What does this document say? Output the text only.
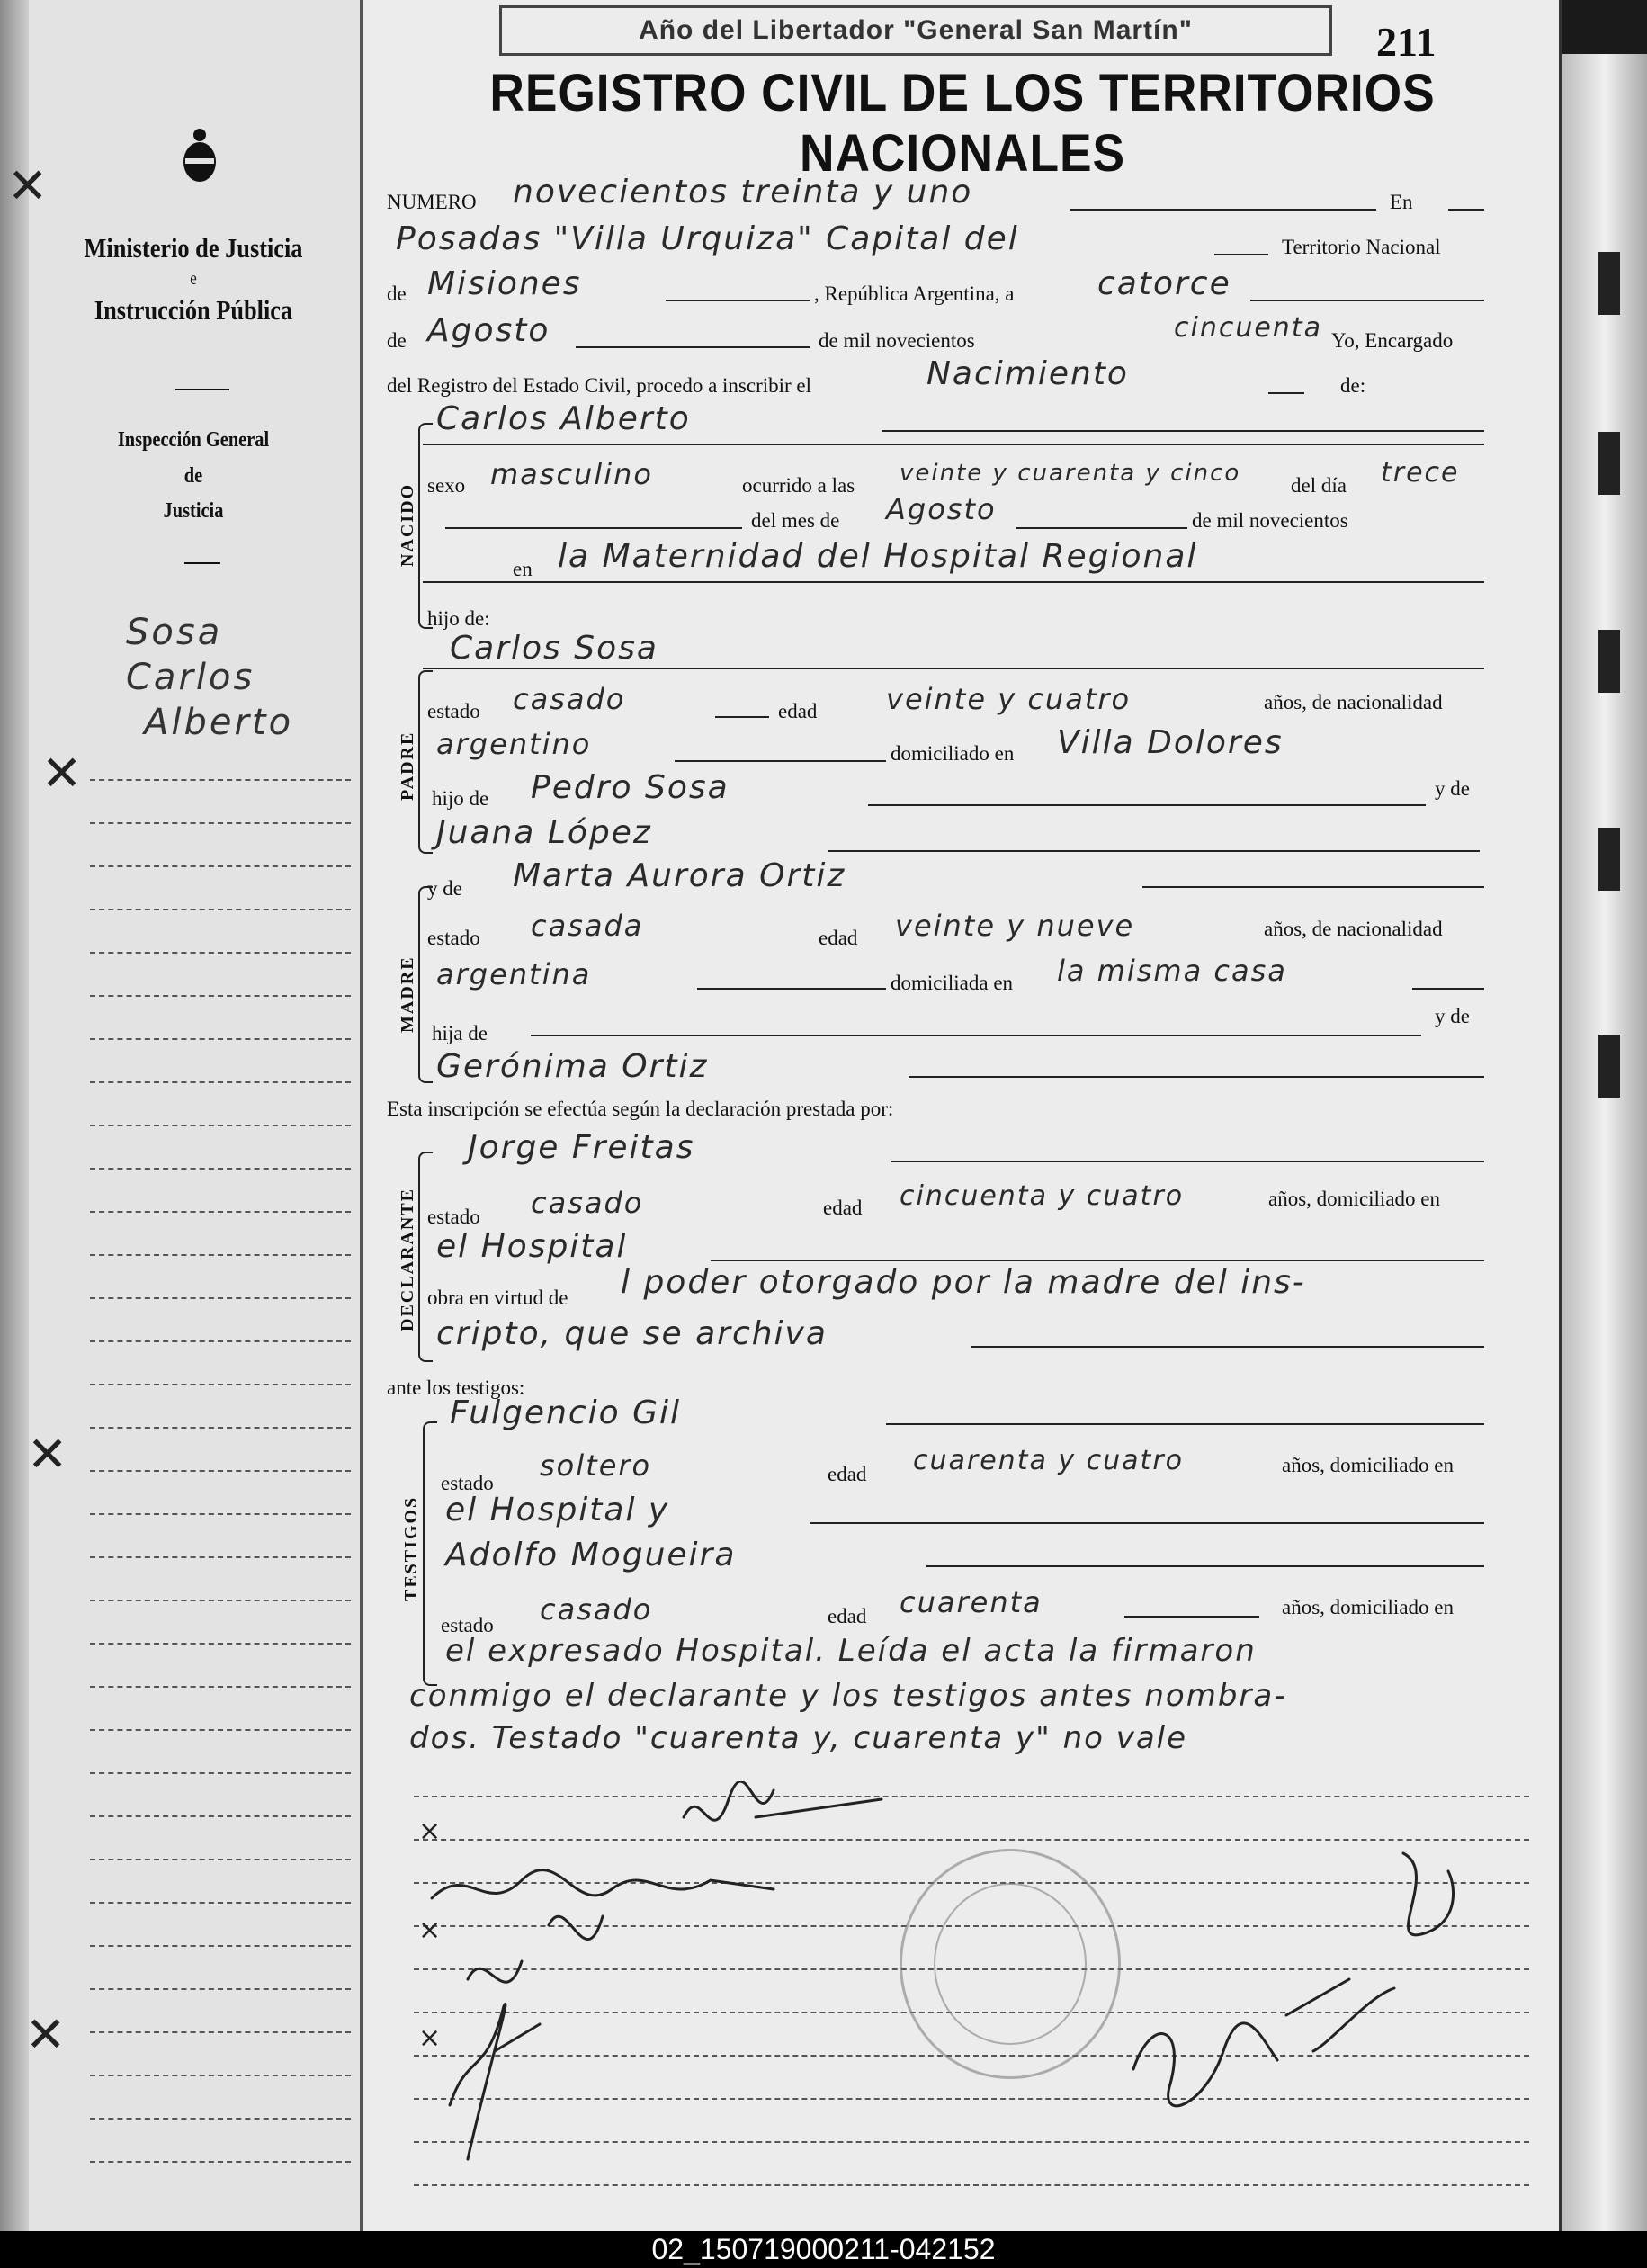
Ministerio de Justicia
e
Instrucción Pública
Inspección General
de
Justicia
Sosa
Carlos
Alberto
✕
✕
✕
✕
Año del Libertador "General San Martín"	211
REGISTRO CIVIL DE LOS TERRITORIOS NACIONALES
NUMERO novecientos treinta y uno	En
Posadas "Villa Urquiza" Capital del	Territorio Nacional
de Misiones	, República Argentina, a	catorce
de Agosto	de mil novecientos	cincuenta Yo, Encargado
del Registro del Estado Civil, procedo a inscribir el	Nacimiento	de:
NACIDO
Carlos Alberto
sexo masculino	ocurrido a las veinte y cuarenta y cinco del día trece
del mes de Agosto	de mil novecientos
en la Maternidad del Hospital Regional
hijo de:
PADRE
Carlos Sosa
estado casado	edad veinte y cuatro	años, de nacionalidad
argentino	domiciliado en Villa Dolores
hijo de Pedro Sosa	y de
Juana López
y de Marta Aurora Ortiz
MADRE
estado casada	edad veinte y nueve	años, de nacionalidad
argentina	domiciliada en la misma casa
hija de
y de
Gerónima Ortiz
Esta inscripción se efectúa según la declaración prestada por:
DECLARANTE
Jorge Freitas
estado casado	edad cincuenta y cuatro	años, domiciliado en
el Hospital
obra en virtud de l poder otorgado por la madre del ins-
cripto, que se archiva
ante los testigos:
TESTIGOS
Fulgencio Gil
estado
soltero	edad cuarenta y cuatro	años, domiciliado en
el Hospital y
Adolfo Mogueira
estado casado	edad cuarenta	años, domiciliado en
el expresado Hospital. Leída el acta la firmaron
conmigo el declarante y los testigos antes nombra-
dos. Testado "cuarenta y, cuarenta y" no vale
×
×
×
02_150719000211-042152
